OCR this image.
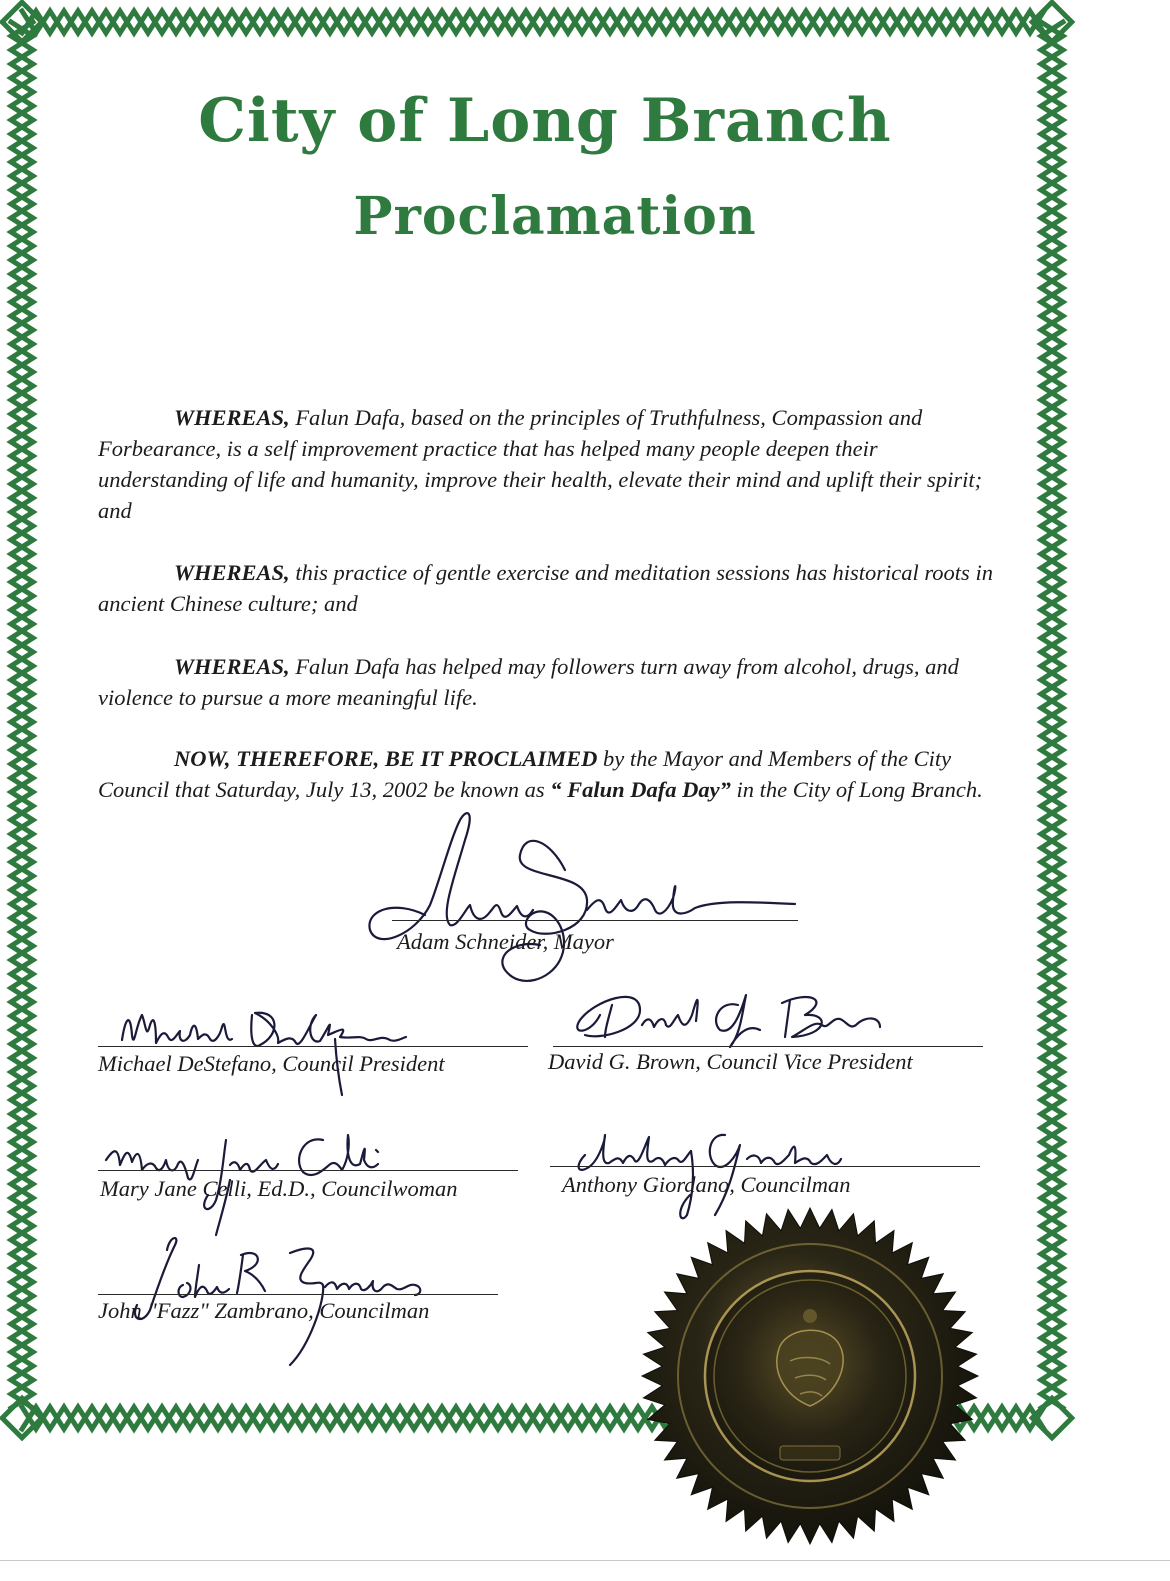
City of Long Branch
Proclamation

WHEREAS, Falun Dafa, based on the principles of Truthfulness, Compassion and Forbearance, is a self improvement practice that has helped many people deepen their understanding of life and humanity, improve their health, elevate their mind and uplift their spirit; and

WHEREAS, this practice of gentle exercise and meditation sessions has historical roots in ancient Chinese culture; and

WHEREAS, Falun Dafa has helped may followers turn away from alcohol, drugs, and violence to pursue a more meaningful life.

NOW, THEREFORE, BE IT PROCLAIMED by the Mayor and Members of the City Council that Saturday, July 13, 2002 be known as “ Falun Dafa Day” in the City of Long Branch.

Adam Schneider, Mayor

Michael DeStefano, Council President	David G. Brown, Council Vice President

Mary Jane Celli, Ed.D., Councilwoman	Anthony Giordano, Councilman

John "Fazz" Zambrano, Councilman
